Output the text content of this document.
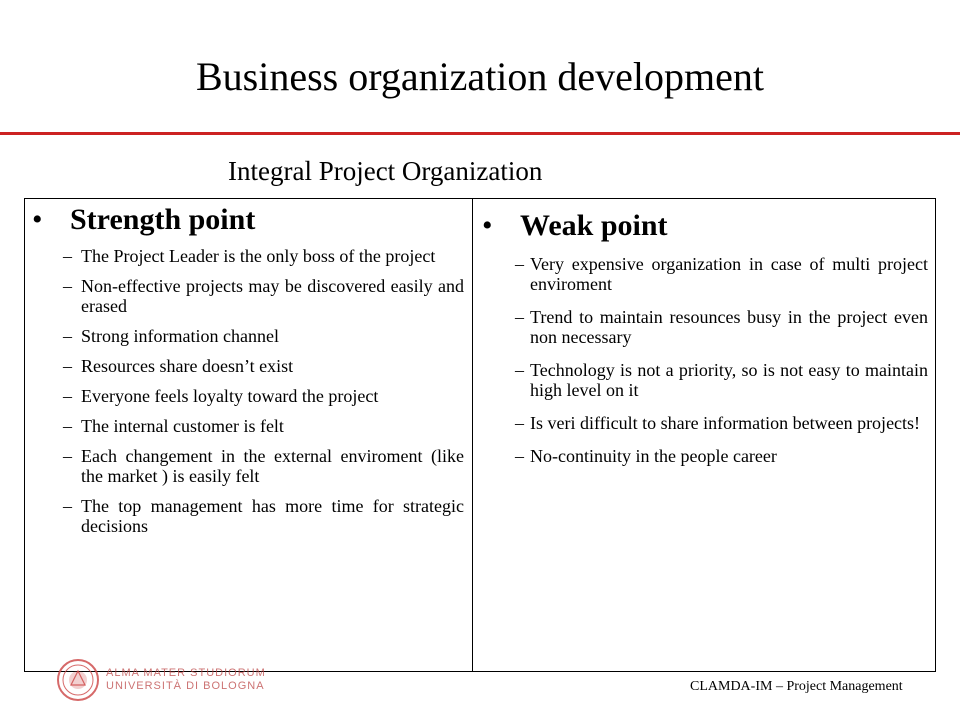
Business organization development
Integral Project Organization
• Strength point
– The Project Leader is the only boss of the project
– Non-effective projects may be discovered easily and erased
– Strong information channel
– Resources share doesn’t exist
– Everyone feels loyalty toward the project
– The internal customer is felt
– Each changement in the external enviroment (like the market ) is easily felt
– The top management has more time for strategic decisions
• Weak point
– Very expensive organization in case of multi project enviroment
– Trend to maintain resounces busy in the project even non necessary
– Technology is not a priority, so is not easy to maintain high level on it
– Is veri difficult to share information between projects!
– No-continuity in the people career
ALMA MATER STUDIORUM
UNIVERSITÀ DI BOLOGNA	CLAMDA-IM – Project Management
